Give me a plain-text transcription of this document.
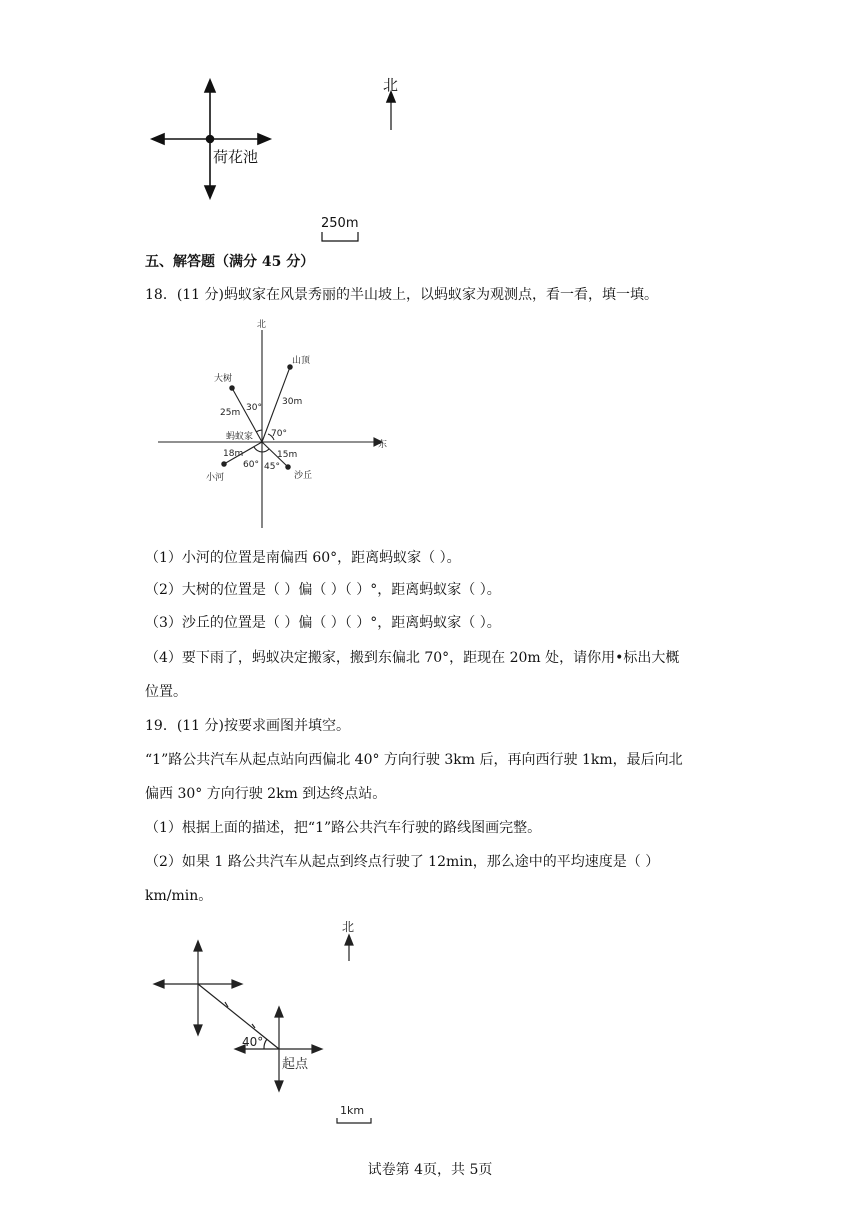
荷花池
北
250m
五、解答题（满分 45 分）
18．(11 分)蚂蚁家在风景秀丽的半山坡上，以蚂蚁家为观测点，看一看，填一填。
北
东
蚂蚁家
大树
山顶
小河	沙丘
25m
30m
18m	15m
30°
70°
60° 45°
（1）小河的位置是南偏西 60°，距离蚂蚁家（ ）。
（2）大树的位置是（ ）偏（ ）（ ）°，距离蚂蚁家（ ）。
（3）沙丘的位置是（ ）偏（ ）（ ）°，距离蚂蚁家（ ）。
（4）要下雨了，蚂蚁决定搬家，搬到东偏北 70°，距现在 20m 处，请你用•标出大概
位置。
19．(11 分)按要求画图并填空。
“1”路公共汽车从起点站向西偏北 40° 方向行驶 3km 后，再向西行驶 1km，最后向北
偏西 30° 方向行驶 2km 到达终点站。
（1）根据上面的描述，把“1”路公共汽车行驶的路线图画完整。
（2）如果 1 路公共汽车从起点到终点行驶了 12min，那么途中的平均速度是（ ）
km/min。
北
40°
起点
1km
试卷第 4页，共 5页
